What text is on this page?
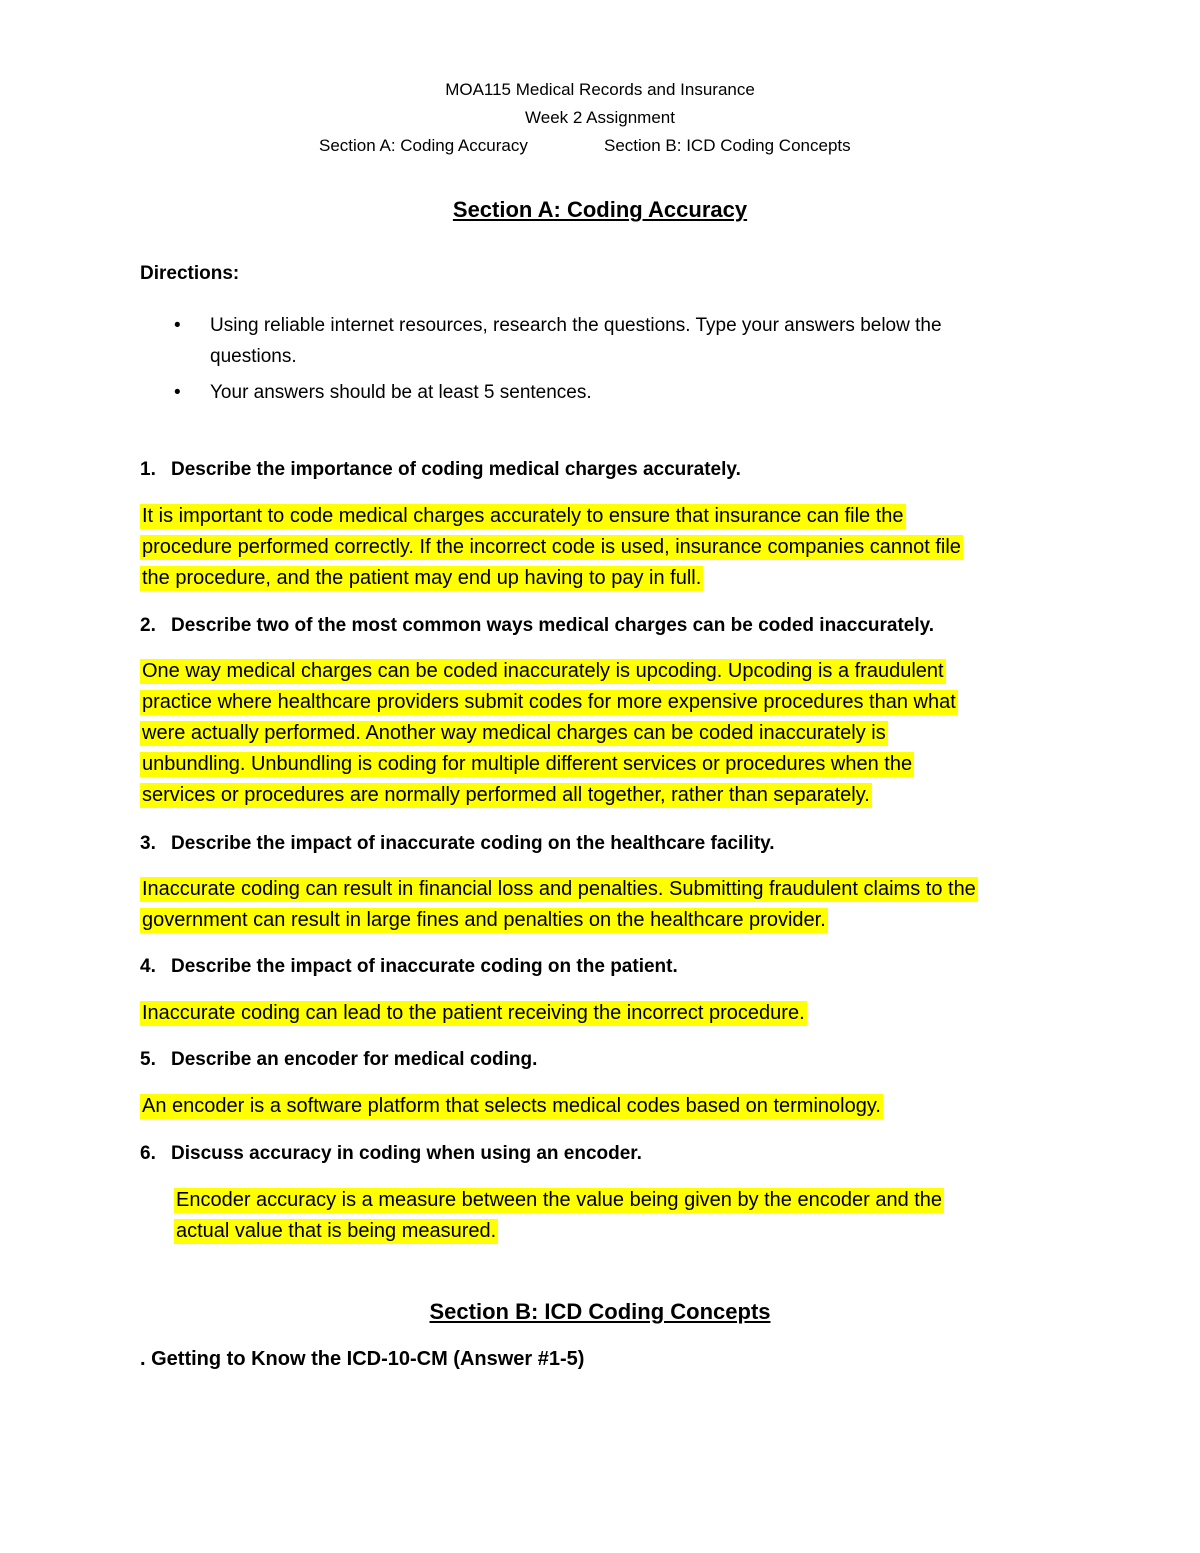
MOA115 Medical Records and Insurance
Week 2 Assignment
Section A: Coding Accuracy	Section B: ICD Coding Concepts
Section A: Coding Accuracy
Directions:
• Using reliable internet resources, research the questions. Type your answers below the
questions.
• Your answers should be at least 5 sentences.
1. Describe the importance of coding medical charges accurately.
It is important to code medical charges accurately to ensure that insurance can file the
procedure performed correctly. If the incorrect code is used, insurance companies cannot file
the procedure, and the patient may end up having to pay in full.
2. Describe two of the most common ways medical charges can be coded inaccurately.
One way medical charges can be coded inaccurately is upcoding. Upcoding is a fraudulent
practice where healthcare providers submit codes for more expensive procedures than what
were actually performed. Another way medical charges can be coded inaccurately is
unbundling. Unbundling is coding for multiple different services or procedures when the
services or procedures are normally performed all together, rather than separately.
3. Describe the impact of inaccurate coding on the healthcare facility.
Inaccurate coding can result in financial loss and penalties. Submitting fraudulent claims to the
government can result in large fines and penalties on the healthcare provider.
4. Describe the impact of inaccurate coding on the patient.
Inaccurate coding can lead to the patient receiving the incorrect procedure.
5. Describe an encoder for medical coding.
An encoder is a software platform that selects medical codes based on terminology.
6. Discuss accuracy in coding when using an encoder.
Encoder accuracy is a measure between the value being given by the encoder and the
actual value that is being measured.
Section B: ICD Coding Concepts
. Getting to Know the ICD-10-CM (Answer #1-5)
